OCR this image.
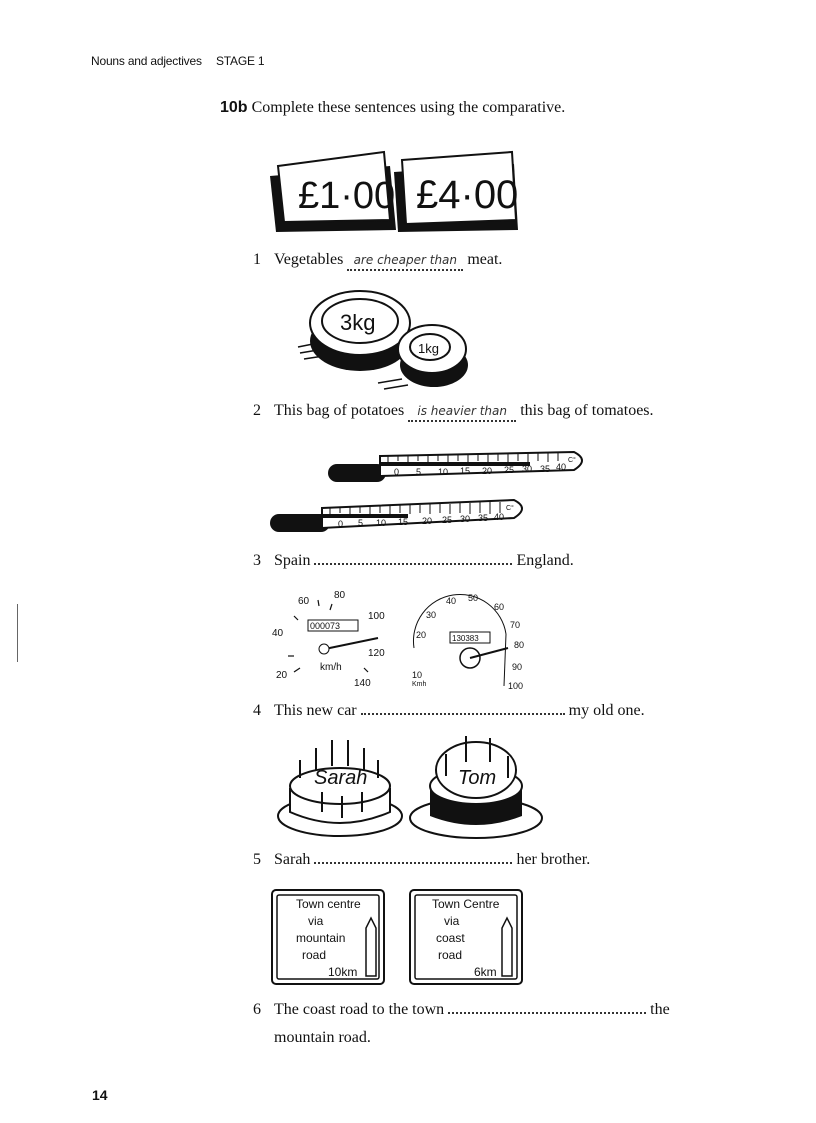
Nouns and adjectives STAGE 1
10b Complete these sentences using the comparative.
£1·00 £4·00
1 Vegetables are cheaper than meat.
3kg
1kg
2 This bag of potatoes is heavier than this bag of tomatoes.
0 5 10 15 20 25 30 35 40
C°
0 5 10 15 20 25 30 35 40
C°
3 Spain	England.
40
60
80
100
120
140
20
000073
km/h
10
20
30
40 50
60
70
80
90
100
130383
Kmh
4 This new car	my old one.
Sarah	Tom
5 Sarah	her brother.
Town centre
via
mountain
road
10km
Town Centre
via
coast
road
6km
6 The coast road to the town	the
mountain road.
14
